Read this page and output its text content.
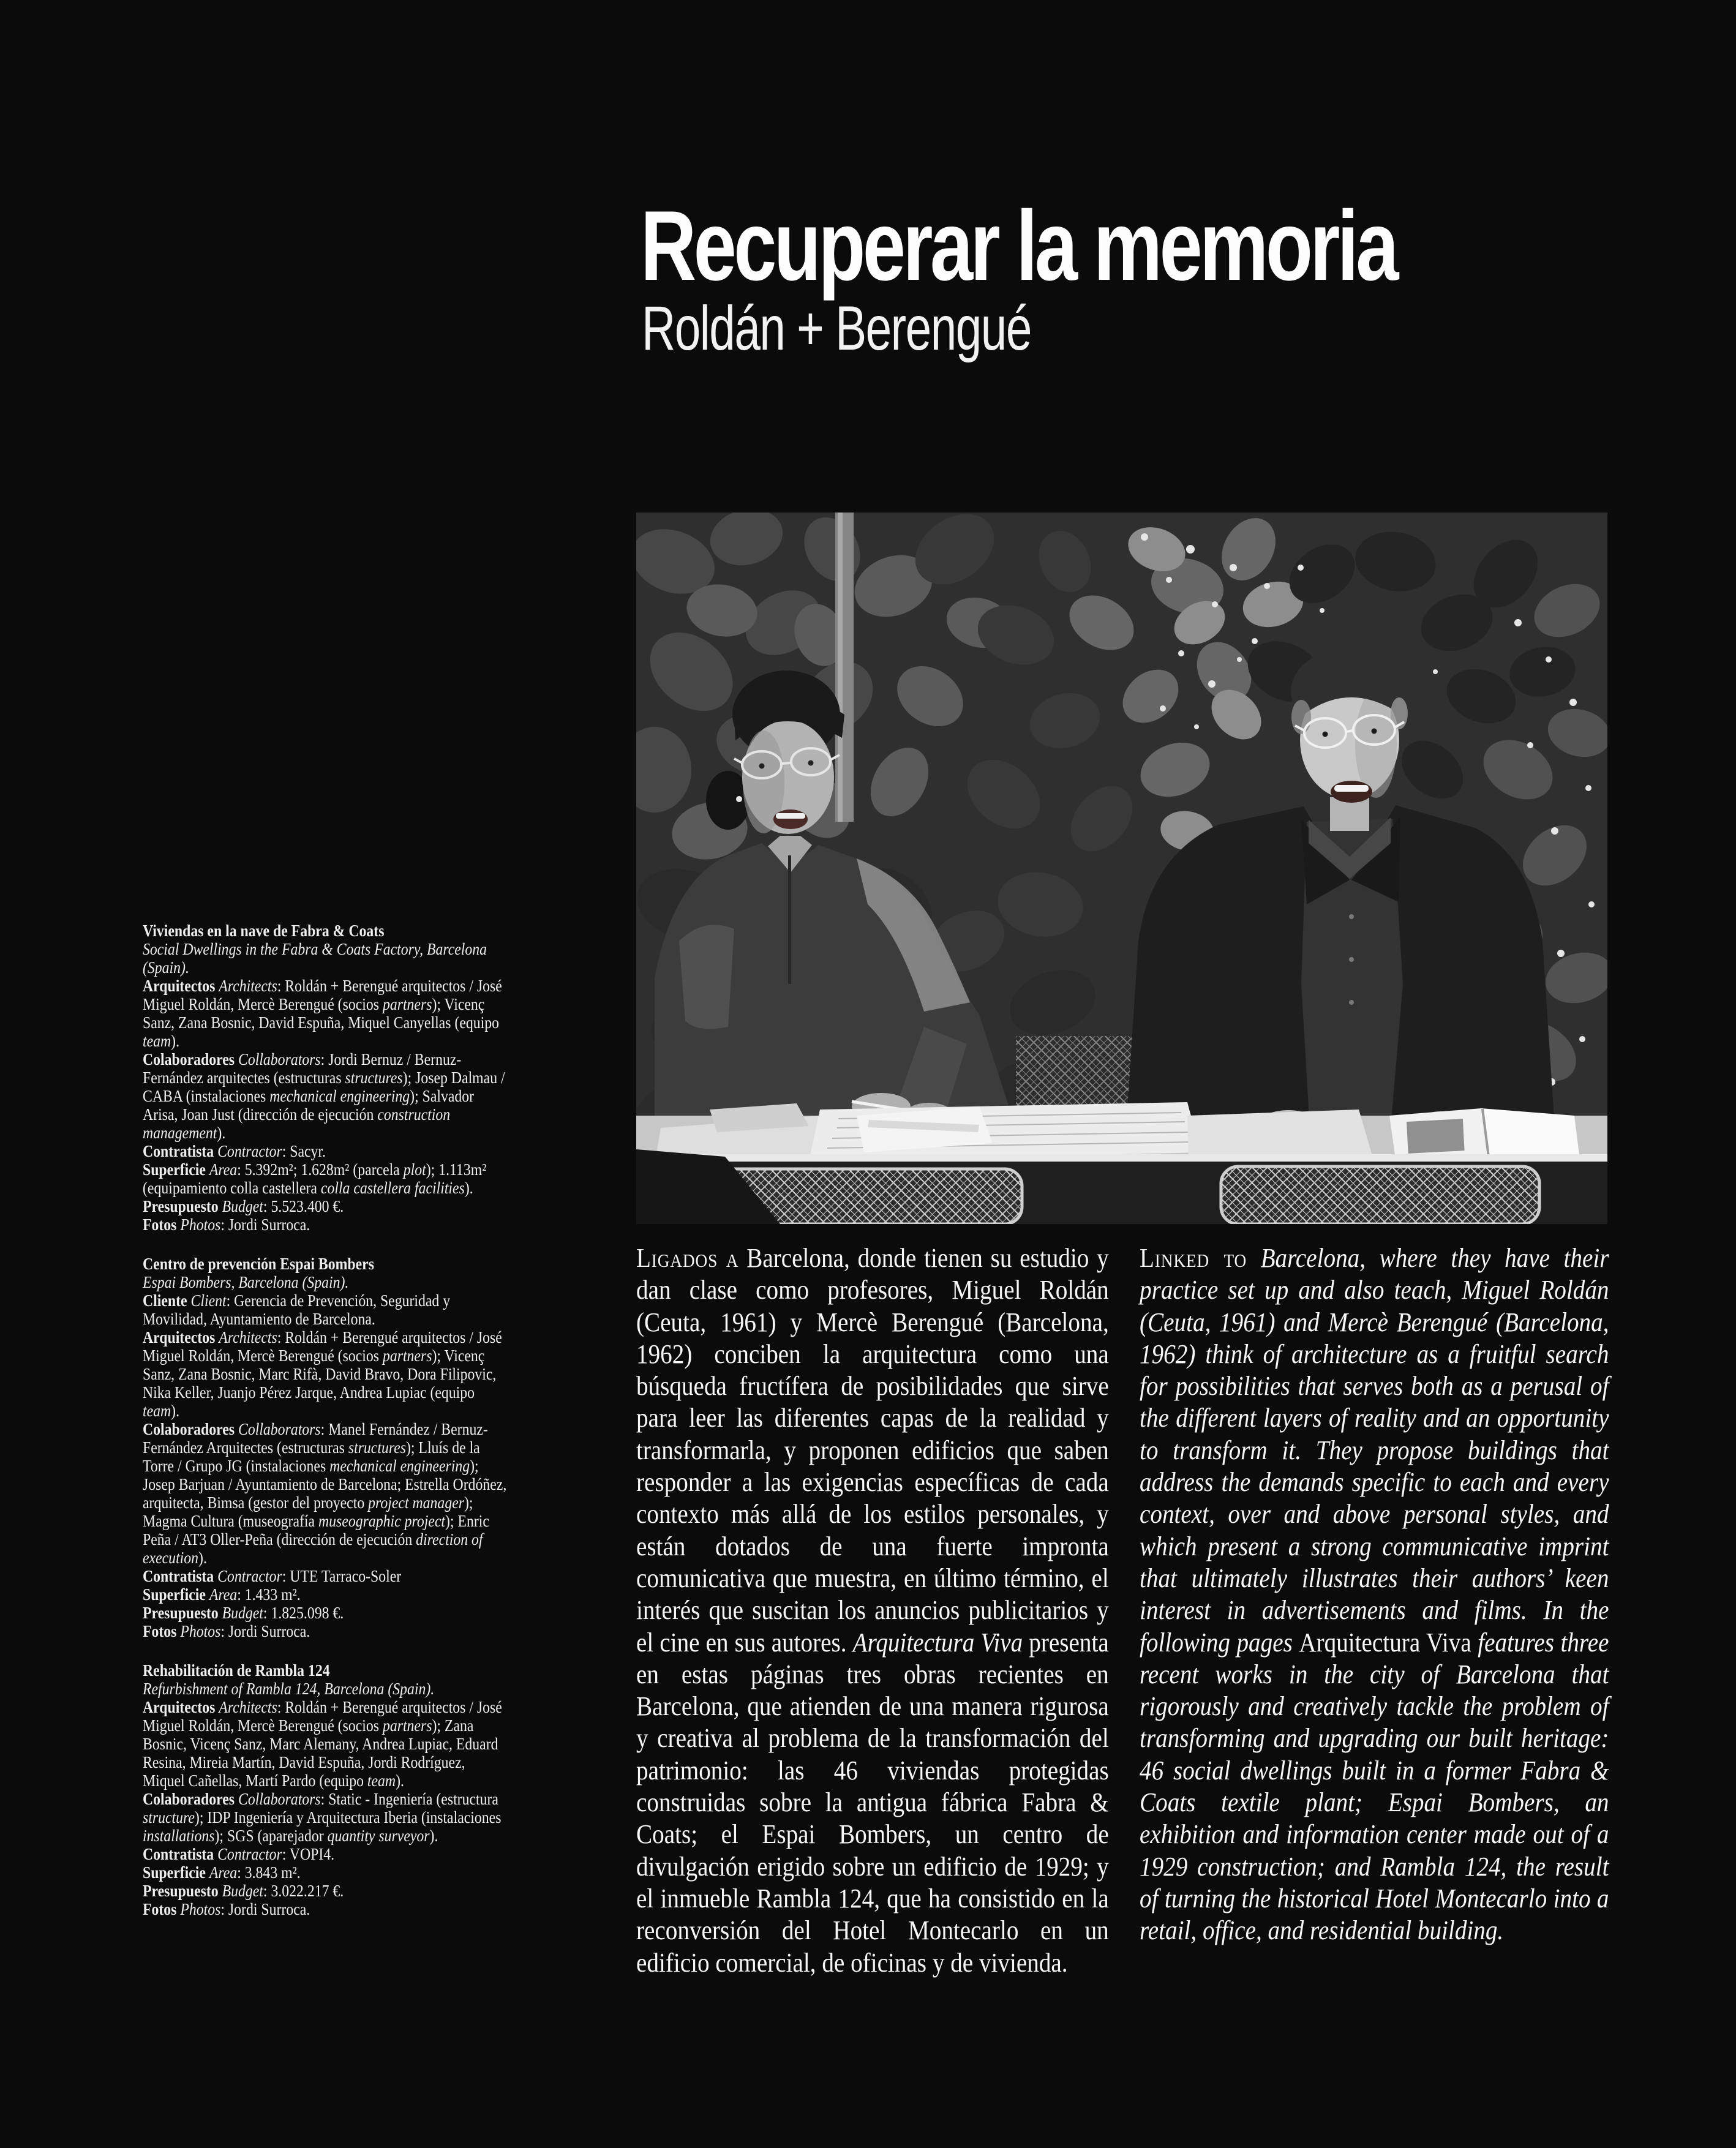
Recuperar la memoria
Roldán + Berengué

Viviendas en la nave de Fabra & Coats

Social Dwellings in the Fabra & Coats Factory, Barcelona (Spain).

Arquitectos Architects: Roldán + Berengué arquitectos / José Miguel Roldán, Mercè Berengué (socios partners); Vicenç Sanz, Zana Bosnic, David Espuña, Miquel Canyellas (equipo team).

Colaboradores Collaborators: Jordi Bernuz / Bernuz-Fernández arquitectes (estructuras structures); Josep Dalmau / CABA (instalaciones mechanical engineering); Salvador Arisa, Joan Just (dirección de ejecución construction management).

Contratista Contractor: Sacyr.

Superficie Area: 5.392m²; 1.628m² (parcela plot); 1.113m² (equipamiento colla castellera colla castellera facilities).

Presupuesto Budget: 5.523.400 €.

Fotos Photos: Jordi Surroca.

Centro de prevención Espai Bombers

Espai Bombers, Barcelona (Spain).

Cliente Client: Gerencia de Prevención, Seguridad y Movilidad, Ayuntamiento de Barcelona.

Arquitectos Architects: Roldán + Berengué arquitectos / José Miguel Roldán, Mercè Berengué (socios partners); Vicenç Sanz, Zana Bosnic, Marc Rifà, David Bravo, Dora Filipovic, Nika Keller, Juanjo Pérez Jarque, Andrea Lupiac (equipo team).

Colaboradores Collaborators: Manel Fernández / Bernuz-Fernández Arquitectes (estructuras structures); Lluís de la Torre / Grupo JG (instalaciones mechanical engineering); Josep Barjuan / Ayuntamiento de Barcelona; Estrella Ordóñez, arquitecta, Bimsa (gestor del proyecto project manager); Magma Cultura (museografía museographic project); Enric Peña / AT3 Oller-Peña (dirección de ejecución direction of execution).

Contratista Contractor: UTE Tarraco-Soler

Superficie Area: 1.433 m².

Presupuesto Budget: 1.825.098 €.

Fotos Photos: Jordi Surroca.

Rehabilitación de Rambla 124

Refurbishment of Rambla 124, Barcelona (Spain).

Arquitectos Architects: Roldán + Berengué arquitectos / José Miguel Roldán, Mercè Berengué (socios partners); Zana Bosnic, Vicenç Sanz, Marc Alemany, Andrea Lupiac, Eduard Resina, Mireia Martín, David Espuña, Jordi Rodríguez, Miquel Cañellas, Martí Pardo (equipo team).

Colaboradores Collaborators: Static - Ingeniería (estructura structure); IDP Ingeniería y Arquitectura Iberia (instalaciones installations); SGS (aparejador quantity surveyor).

Contratista Contractor: VOPI4.

Superficie Area: 3.843 m².

Presupuesto Budget: 3.022.217 €.

Fotos Photos: Jordi Surroca.

Ligados a Barcelona, donde tienen su estudio y dan clase como profesores, Miguel Roldán (Ceuta, 1961) y Mercè Berengué (Barcelona, 1962) conciben la arquitectura como una búsqueda fructífera de posibilidades que sirve para leer las diferentes capas de la realidad y transformarla, y proponen edificios que saben responder a las exigencias específicas de cada contexto más allá de los estilos personales, y están dotados de una fuerte impronta comunicativa que muestra, en último término, el interés que suscitan los anuncios publicitarios y el cine en sus autores. Arquitectura Viva presenta en estas páginas tres obras recientes en Barcelona, que atienden de una manera rigurosa y creativa al problema de la transformación del patrimonio: las 46 viviendas protegidas construidas sobre la antigua fábrica Fabra & Coats; el Espai Bombers, un centro de divulgación erigido sobre un edificio de 1929; y el inmueble Rambla 124, que ha consistido en la reconversión del Hotel Montecarlo en un edificio comercial, de oficinas y de vivienda.

Linked to Barcelona, where they have their practice set up and also teach, Miguel Roldán (Ceuta, 1961) and Mercè Berengué (Barcelona, 1962) think of architecture as a fruitful search for possibilities that serves both as a perusal of the different layers of reality and an opportunity to transform it. They propose buildings that address the demands specific to each and every context, over and above personal styles, and which present a strong communicative imprint that ultimately illustrates their authors’ keen interest in advertisements and films. In the following pages Arquitectura Viva features three recent works in the city of Barcelona that rigorously and creatively tackle the problem of transforming and upgrading our built heritage: 46 social dwellings built in a former Fabra & Coats textile plant; Espai Bombers, an exhibition and information center made out of a 1929 construction; and Rambla 124, the result of turning the historical Hotel Montecarlo into a retail, office, and residential building.
